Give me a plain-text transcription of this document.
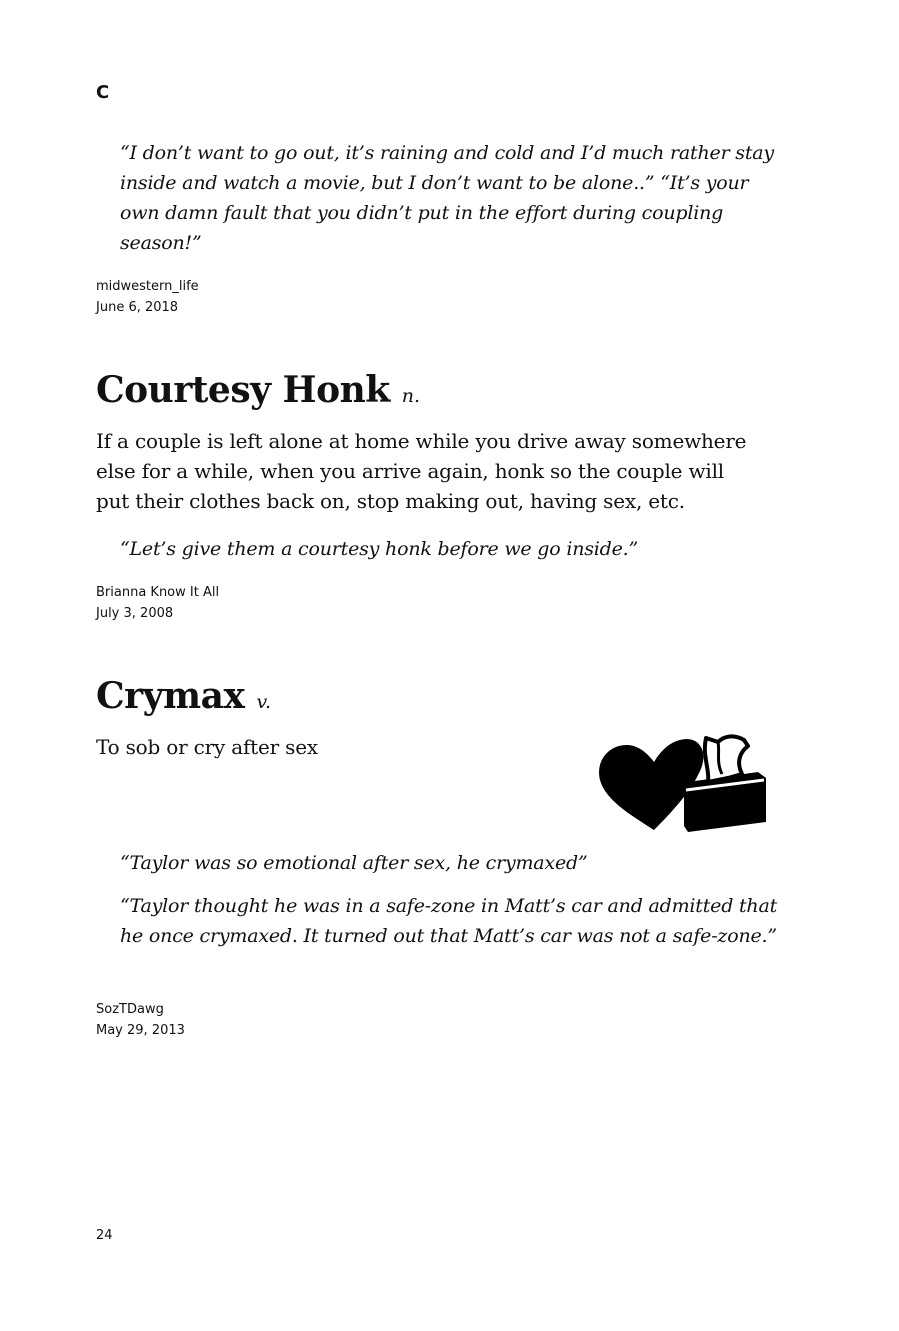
C

“I don’t want to go out, it’s raining and cold and I’d much rather stay inside and watch a movie, but I don’t want to be alone..” “It’s your own damn fault that you didn’t put in the effort during coupling season!”

midwestern_life

June 6, 2018

Courtesy Honk n.

If a couple is left alone at home while you drive away somewhere else for a while, when you arrive again, honk so the couple will put their clothes back on, stop making out, having sex, etc.

“Let’s give them a courtesy honk before we go inside.”

Brianna Know It All

July 3, 2008

Crymax v.

To sob or cry after sex

“Taylor was so emotional after sex, he crymaxed”

“Taylor thought he was in a safe-zone in Matt’s car and admitted that he once crymaxed. It turned out that Matt’s car was not a safe-zone.”

SozTDawg

May 29, 2013

24
